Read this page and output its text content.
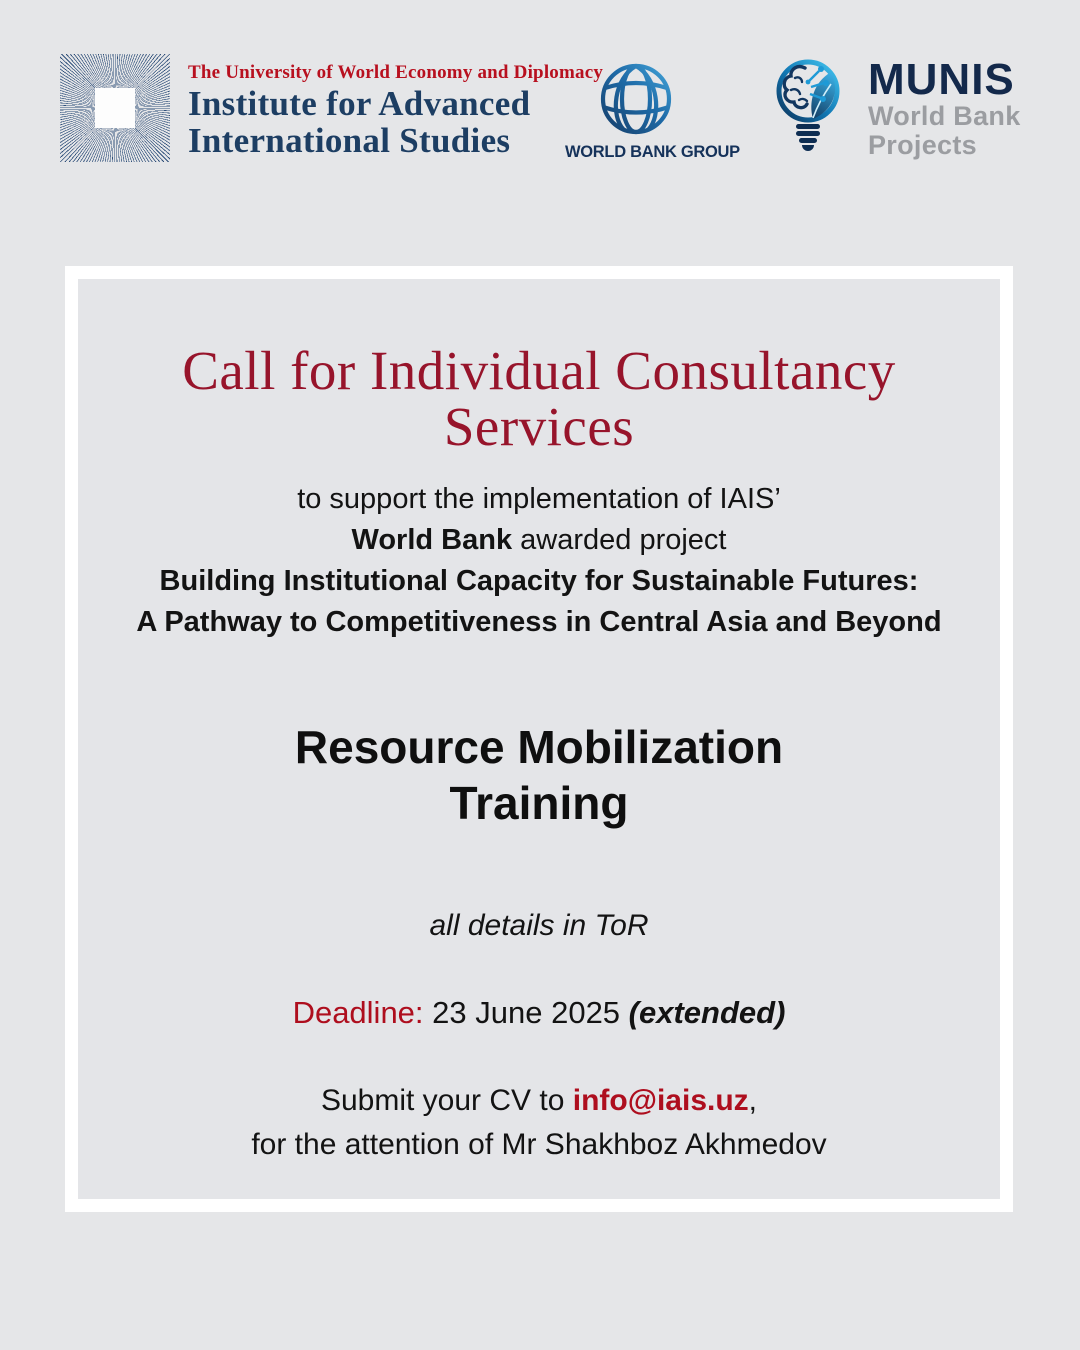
The University of World Economy and Diplomacy
Institute for Advanced
International Studies	WORLD BANK GROUP
MUNIS
World Bank
Projects
Call for Individual Consultancy
Services
to support the implementation of IAIS’
World Bank awarded project
Building Institutional Capacity for Sustainable Futures:
A Pathway to Competitiveness in Central Asia and Beyond
Resource Mobilization
Training
all details in ToR
Deadline: 23 June 2025 (extended)
Submit your CV to info@iais.uz,
for the attention of Mr Shakhboz Akhmedov
